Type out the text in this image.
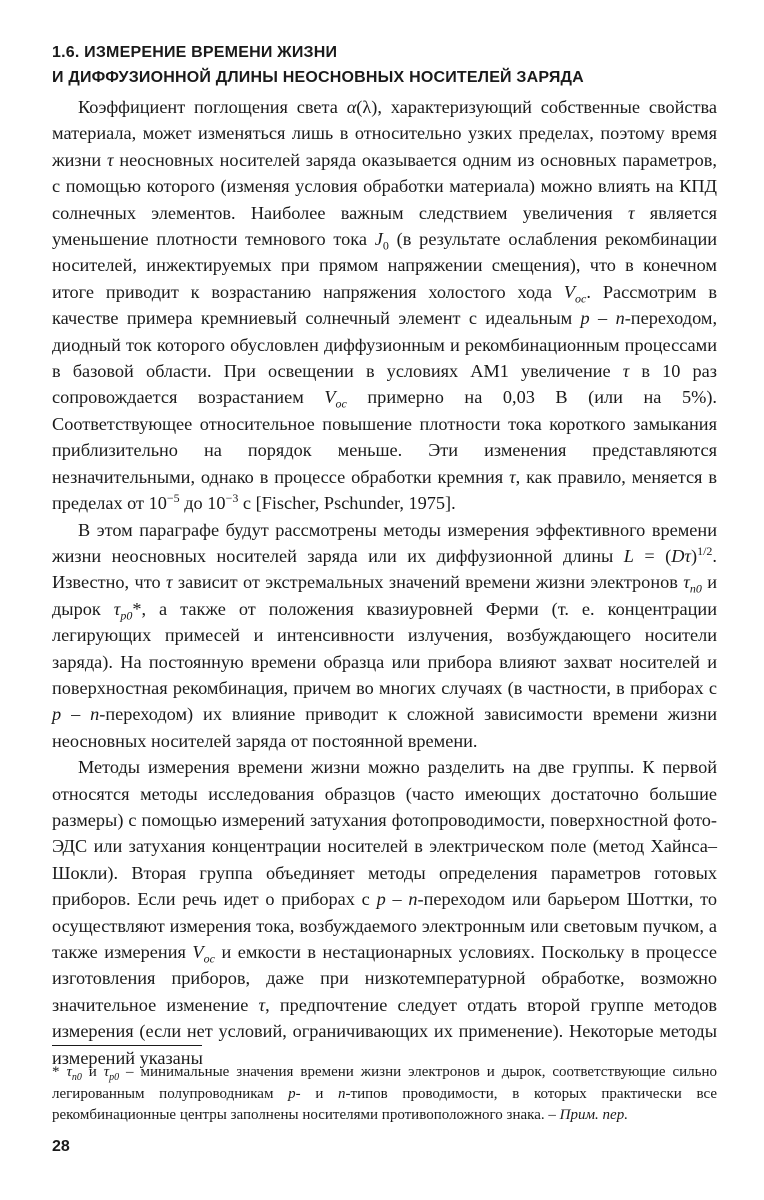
1.6. ИЗМЕРЕНИЕ ВРЕМЕНИ ЖИЗНИ
И ДИФФУЗИОННОЙ ДЛИНЫ НЕОСНОВНЫХ НОСИТЕЛЕЙ ЗАРЯДА

Коэффициент поглощения света α(λ), характеризующий собственные свойства материала, может изменяться лишь в относительно узких пределах, поэтому время жизни τ неосновных носителей заряда оказывается одним из основных параметров, с помощью которого (изменяя условия обработки материала) можно влиять на КПД солнечных элементов. Наиболее важным следствием увеличения τ является уменьшение плотности темнового тока $J_0$ (в результате ослабления рекомбинации носителей, инжектируемых при прямом напряжении смещения), что в конечном итоге приводит к возрастанию напряжения холостого хода $V_{oc}$. Рассмотрим в качестве примера кремниевый солнечный элемент с идеальным p – n-переходом, диодный ток которого обусловлен диффузионным и рекомбинационным процессами в базовой области. При освещении в условиях АМ1 увеличение τ в 10 раз сопровождается возрастанием $V_{oc}$ примерно на 0,03 В (или на 5%). Соответствующее относительное повышение плотности тока короткого замыкания приблизительно на порядок меньше. Эти изменения представляются незначительными, однако в процессе обработки кремния τ, как правило, меняется в пределах от $10^{-5}$ до $10^{-3}$ с [Fischer, Pschunder, 1975].

В этом параграфе будут рассмотрены методы измерения эффективного времени жизни неосновных носителей заряда или их диффузионной длины $L = (D\tau)^{1/2}$. Известно, что τ зависит от экстремальных значений времени жизни электронов $\tau_{n0}$ и дырок $\tau_{p0}*$, а также от положения квазиуровней Ферми (т. е. концентрации легирующих примесей и интенсивности излучения, возбуждающего носители заряда). На постоянную времени образца или прибора влияют захват носителей и поверхностная рекомбинация, причем во многих случаях (в частности, в приборах с p – n-переходом) их влияние приводит к сложной зависимости времени жизни неосновных носителей заряда от постоянной времени.

Методы измерения времени жизни можно разделить на две группы. К первой относятся методы исследования образцов (часто имеющих достаточно большие размеры) с помощью измерений затухания фотопроводимости, поверхностной фото-ЭДС или затухания концентрации носителей в электрическом поле (метод Хайнса–Шокли). Вторая группа объединяет методы определения параметров готовых приборов. Если речь идет о приборах с p – n-переходом или барьером Шоттки, то осуществляют измерения тока, возбуждаемого электронным или световым пучком, а также измерения $V_{oc}$ и емкости в нестационарных условиях. Поскольку в процессе изготовления приборов, даже при низкотемпературной обработке, возможно значительное изменение τ, предпочтение следует отдать второй группе методов измерения (если нет условий, ограничивающих их применение). Некоторые методы измерений указаны

* $\tau_{n0}$ и $\tau_{p0}$ – минимальные значения времени жизни электронов и дырок, соответствующие сильно легированным полупроводникам p- и n-типов проводимости, в которых практически все рекомбинационные центры заполнены носителями противоположного знака. – Прим. пер.
28
